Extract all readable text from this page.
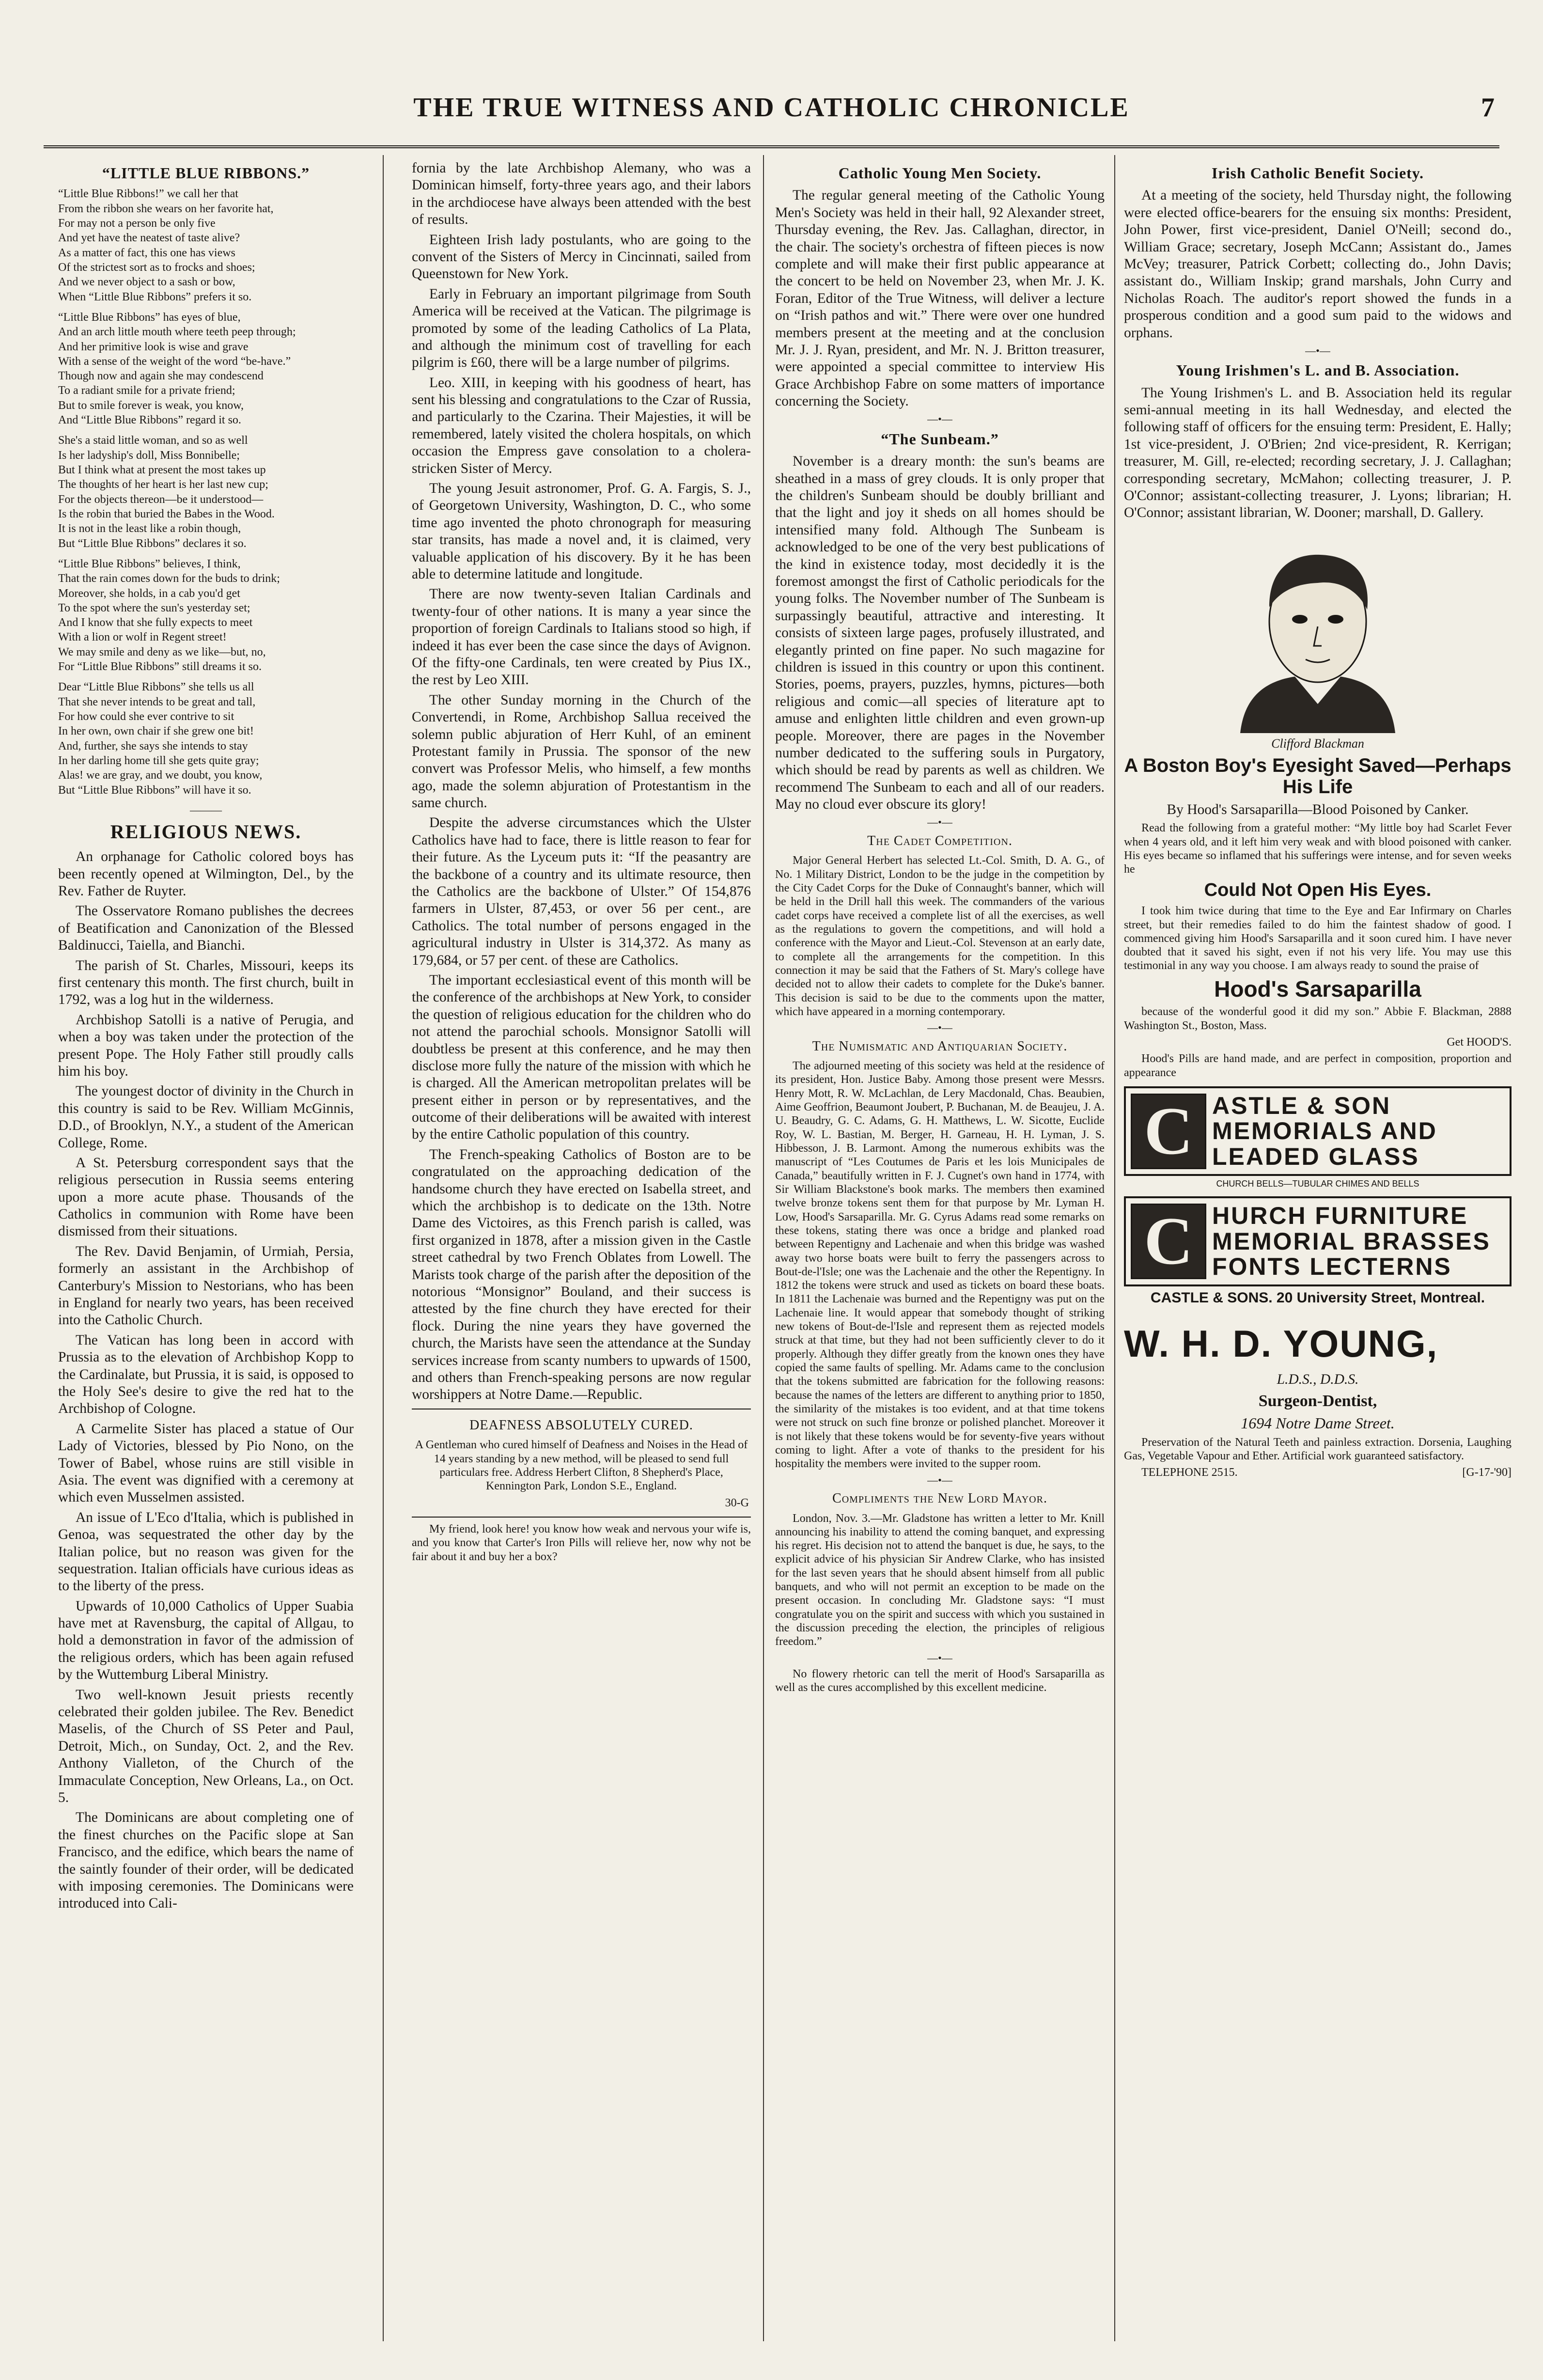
THE TRUE WITNESS AND CATHOLIC CHRONICLE	7
“LITTLE BLUE RIBBONS.”

“Little Blue Ribbons!” we call her that

From the ribbon she wears on her favorite hat,

For may not a person be only five

And yet have the neatest of taste alive?

As a matter of fact, this one has views

Of the strictest sort as to frocks and shoes;

And we never object to a sash or bow,

When “Little Blue Ribbons” prefers it so.

“Little Blue Ribbons” has eyes of blue,

And an arch little mouth where teeth peep through;

And her primitive look is wise and grave

With a sense of the weight of the word “be-have.”

Though now and again she may condescend

To a radiant smile for a private friend;

But to smile forever is weak, you know,

And “Little Blue Ribbons” regard it so.

She's a staid little woman, and so as well

Is her ladyship's doll, Miss Bonnibelle;

But I think what at present the most takes up

The thoughts of her heart is her last new cup;

For the objects thereon—be it understood—

Is the robin that buried the Babes in the Wood.

It is not in the least like a robin though,

But “Little Blue Ribbons” declares it so.

“Little Blue Ribbons” believes, I think,

That the rain comes down for the buds to drink;

Moreover, she holds, in a cab you'd get

To the spot where the sun's yesterday set;

And I know that she fully expects to meet

With a lion or wolf in Regent street!

We may smile and deny as we like—but, no,

For “Little Blue Ribbons” still dreams it so.

Dear “Little Blue Ribbons” she tells us all

That she never intends to be great and tall,

For how could she ever contrive to sit

In her own, own chair if she grew one bit!

And, further, she says she intends to stay

In her darling home till she gets quite gray;

Alas! we are gray, and we doubt, you know,

But “Little Blue Ribbons” will have it so.

———
RELIGIOUS NEWS.

An orphanage for Catholic colored boys has been recently opened at Wilmington, Del., by the Rev. Father de Ruyter.

The Osservatore Romano publishes the decrees of Beatification and Canonization of the Blessed Baldinucci, Taiella, and Bianchi.

The parish of St. Charles, Missouri, keeps its first centenary this month. The first church, built in 1792, was a log hut in the wilderness.

Archbishop Satolli is a native of Perugia, and when a boy was taken under the protection of the present Pope. The Holy Father still proudly calls him his boy.

The youngest doctor of divinity in the Church in this country is said to be Rev. William McGinnis, D.D., of Brooklyn, N.Y., a student of the American College, Rome.

A St. Petersburg correspondent says that the religious persecution in Russia seems entering upon a more acute phase. Thousands of the Catholics in communion with Rome have been dismissed from their situations.

The Rev. David Benjamin, of Urmiah, Persia, formerly an assistant in the Archbishop of Canterbury's Mission to Nestorians, who has been in England for nearly two years, has been received into the Catholic Church.

The Vatican has long been in accord with Prussia as to the elevation of Archbishop Kopp to the Cardinalate, but Prussia, it is said, is opposed to the Holy See's desire to give the red hat to the Archbishop of Cologne.

A Carmelite Sister has placed a statue of Our Lady of Victories, blessed by Pio Nono, on the Tower of Babel, whose ruins are still visible in Asia. The event was dignified with a ceremony at which even Musselmen assisted.

An issue of L'Eco d'Italia, which is published in Genoa, was sequestrated the other day by the Italian police, but no reason was given for the sequestration. Italian officials have curious ideas as to the liberty of the press.

Upwards of 10,000 Catholics of Upper Suabia have met at Ravensburg, the capital of Allgau, to hold a demonstration in favor of the admission of the religious orders, which has been again refused by the Wuttemburg Liberal Ministry.

Two well-known Jesuit priests recently celebrated their golden jubilee. The Rev. Benedict Maselis, of the Church of SS Peter and Paul, Detroit, Mich., on Sunday, Oct. 2, and the Rev. Anthony Vialleton, of the Church of the Immaculate Conception, New Orleans, La., on Oct. 5.

The Dominicans are about completing one of the finest churches on the Pacific slope at San Francisco, and the edifice, which bears the name of the saintly founder of their order, will be dedicated with imposing ceremonies. The Dominicans were introduced into Cali-

fornia by the late Archbishop Alemany, who was a Dominican himself, forty-three years ago, and their labors in the archdiocese have always been attended with the best of results.

Eighteen Irish lady postulants, who are going to the convent of the Sisters of Mercy in Cincinnati, sailed from Queenstown for New York.

Early in February an important pilgrimage from South America will be received at the Vatican. The pilgrimage is promoted by some of the leading Catholics of La Plata, and although the minimum cost of travelling for each pilgrim is £60, there will be a large number of pilgrims.

Leo. XIII, in keeping with his goodness of heart, has sent his blessing and congratulations to the Czar of Russia, and particularly to the Czarina. Their Majesties, it will be remembered, lately visited the cholera hospitals, on which occasion the Empress gave consolation to a cholera-stricken Sister of Mercy.

The young Jesuit astronomer, Prof. G. A. Fargis, S. J., of Georgetown University, Washington, D. C., who some time ago invented the photo chronograph for measuring star transits, has made a novel and, it is claimed, very valuable application of his discovery. By it he has been able to determine latitude and longitude.

There are now twenty-seven Italian Cardinals and twenty-four of other nations. It is many a year since the proportion of foreign Cardinals to Italians stood so high, if indeed it has ever been the case since the days of Avignon. Of the fifty-one Cardinals, ten were created by Pius IX., the rest by Leo XIII.

The other Sunday morning in the Church of the Convertendi, in Rome, Archbishop Sallua received the solemn public abjuration of Herr Kuhl, of an eminent Protestant family in Prussia. The sponsor of the new convert was Professor Melis, who himself, a few months ago, made the solemn abjuration of Protestantism in the same church.

Despite the adverse circumstances which the Ulster Catholics have had to face, there is little reason to fear for their future. As the Lyceum puts it: “If the peasantry are the backbone of a country and its ultimate resource, then the Catholics are the backbone of Ulster.” Of 154,876 farmers in Ulster, 87,453, or over 56 per cent., are Catholics. The total number of persons engaged in the agricultural industry in Ulster is 314,372. As many as 179,684, or 57 per cent. of these are Catholics.

The important ecclesiastical event of this month will be the conference of the archbishops at New York, to consider the question of religious education for the children who do not attend the parochial schools. Monsignor Satolli will doubtless be present at this conference, and he may then disclose more fully the nature of the mission with which he is charged. All the American metropolitan prelates will be present either in person or by representatives, and the outcome of their deliberations will be awaited with interest by the entire Catholic population of this country.

The French-speaking Catholics of Boston are to be congratulated on the approaching dedication of the handsome church they have erected on Isabella street, and which the archbishop is to dedicate on the 13th. Notre Dame des Victoires, as this French parish is called, was first organized in 1878, after a mission given in the Castle street cathedral by two French Oblates from Lowell. The Marists took charge of the parish after the deposition of the notorious “Monsignor” Bouland, and their success is attested by the fine church they have erected for their flock. During the nine years they have governed the church, the Marists have seen the attendance at the Sunday services increase from scanty numbers to upwards of 1500, and others than French-speaking persons are now regular worshippers at Notre Dame.—Republic.

DEAFNESS ABSOLUTELY CURED.

A Gentleman who cured himself of Deafness and Noises in the Head of 14 years standing by a new method, will be pleased to send full particulars free. Address Herbert Clifton, 8 Shepherd's Place, Kennington Park, London S.E., England.

30-G

My friend, look here! you know how weak and nervous your wife is, and you know that Carter's Iron Pills will relieve her, now why not be fair about it and buy her a box?

Catholic Young Men Society.

The regular general meeting of the Catholic Young Men's Society was held in their hall, 92 Alexander street, Thursday evening, the Rev. Jas. Callaghan, director, in the chair. The society's orchestra of fifteen pieces is now complete and will make their first public appearance at the concert to be held on November 23, when Mr. J. K. Foran, Editor of the True Witness, will deliver a lecture on “Irish pathos and wit.” There were over one hundred members present at the meeting and at the conclusion Mr. J. J. Ryan, president, and Mr. N. J. Britton treasurer, were appointed a special committee to interview His Grace Archbishop Fabre on some matters of importance concerning the Society.

—•—
“The Sunbeam.”

November is a dreary month: the sun's beams are sheathed in a mass of grey clouds. It is only proper that the children's Sunbeam should be doubly brilliant and that the light and joy it sheds on all homes should be intensified many fold. Although The Sunbeam is acknowledged to be one of the very best publications of the kind in existence today, most decidedly it is the foremost amongst the first of Catholic periodicals for the young folks. The November number of The Sunbeam is surpassingly beautiful, attractive and interesting. It consists of sixteen large pages, profusely illustrated, and elegantly printed on fine paper. No such magazine for children is issued in this country or upon this continent. Stories, poems, prayers, puzzles, hymns, pictures—both religious and comic—all species of literature apt to amuse and enlighten little children and even grown-up people. Moreover, there are pages in the November number dedicated to the suffering souls in Purgatory, which should be read by parents as well as children. We recommend The Sunbeam to each and all of our readers. May no cloud ever obscure its glory!

—•—
The Cadet Competition.

Major General Herbert has selected Lt.-Col. Smith, D. A. G., of No. 1 Military District, London to be the judge in the competition by the City Cadet Corps for the Duke of Connaught's banner, which will be held in the Drill hall this week. The commanders of the various cadet corps have received a complete list of all the exercises, as well as the regulations to govern the competitions, and will hold a conference with the Mayor and Lieut.-Col. Stevenson at an early date, to complete all the arrangements for the competition. In this connection it may be said that the Fathers of St. Mary's college have decided not to allow their cadets to complete for the Duke's banner. This decision is said to be due to the comments upon the matter, which have appeared in a morning contemporary.

—•—
The Numismatic and Antiquarian Society.

The adjourned meeting of this society was held at the residence of its president, Hon. Justice Baby. Among those present were Messrs. Henry Mott, R. W. McLachlan, de Lery Macdonald, Chas. Beaubien, Aime Geoffrion, Beaumont Joubert, P. Buchanan, M. de Beaujeu, J. A. U. Beaudry, G. C. Adams, G. H. Matthews, L. W. Sicotte, Euclide Roy, W. L. Bastian, M. Berger, H. Garneau, H. H. Lyman, J. S. Hibbesson, J. B. Larmont. Among the numerous exhibits was the manuscript of “Les Coutumes de Paris et les lois Municipales de Canada,” beautifully written in F. J. Cugnet's own hand in 1774, with Sir William Blackstone's book marks. The members then examined twelve bronze tokens sent them for that purpose by Mr. Lyman H. Low, Hood's Sarsaparilla. Mr. G. Cyrus Adams read some remarks on these tokens, stating there was once a bridge and planked road between Repentigny and Lachenaie and when this bridge was washed away two horse boats were built to ferry the passengers across to Bout-de-l'Isle; one was the Lachenaie and the other the Repentigny. In 1812 the tokens were struck and used as tickets on board these boats. In 1811 the Lachenaie was burned and the Repentigny was put on the Lachenaie line. It would appear that somebody thought of striking new tokens of Bout-de-l'Isle and represent them as rejected models struck at that time, but they had not been sufficiently clever to do it properly. Although they differ greatly from the known ones they have copied the same faults of spelling. Mr. Adams came to the conclusion that the tokens submitted are fabrication for the following reasons: because the names of the letters are different to anything prior to 1850, the similarity of the mistakes is too evident, and at that time tokens were not struck on such fine bronze or polished planchet. Moreover it is not likely that these tokens would be for seventy-five years without coming to light. After a vote of thanks to the president for his hospitality the members were invited to the supper room.

—•—
Compliments the New Lord Mayor.

London, Nov. 3.—Mr. Gladstone has written a letter to Mr. Knill announcing his inability to attend the coming banquet, and expressing his regret. His decision not to attend the banquet is due, he says, to the explicit advice of his physician Sir Andrew Clarke, who has insisted for the last seven years that he should absent himself from all public banquets, and who will not permit an exception to be made on the present occasion. In concluding Mr. Gladstone says: “I must congratulate you on the spirit and success with which you sustained in the discussion preceding the election, the principles of religious freedom.”

—•—

No flowery rhetoric can tell the merit of Hood's Sarsaparilla as well as the cures accomplished by this excellent medicine.

Irish Catholic Benefit Society.

At a meeting of the society, held Thursday night, the following were elected office-bearers for the ensuing six months: President, John Power, first vice-president, Daniel O'Neill; second do., William Grace; secretary, Joseph McCann; Assistant do., James McVey; treasurer, Patrick Corbett; collecting do., John Davis; assistant do., William Inskip; grand marshals, John Curry and Nicholas Roach. The auditor's report showed the funds in a prosperous condition and a good sum paid to the widows and orphans.

—•—
Young Irishmen's L. and B. Association.

The Young Irishmen's L. and B. Association held its regular semi-annual meeting in its hall Wednesday, and elected the following staff of officers for the ensuing term: President, E. Hally; 1st vice-president, J. O'Brien; 2nd vice-president, R. Kerrigan; treasurer, M. Gill, re-elected; recording secretary, J. J. Callaghan; corresponding secretary, McMahon; collecting treasurer, J. P. O'Connor; assistant-collecting treasurer, J. Lyons; librarian; H. O'Connor; assistant librarian, W. Dooner; marshall, D. Gallery.

Clifford Blackman
A Boston Boy's Eyesight Saved—Perhaps His Life

By Hood's Sarsaparilla—Blood Poisoned by Canker.

Read the following from a grateful mother: “My little boy had Scarlet Fever when 4 years old, and it left him very weak and with blood poisoned with canker. His eyes became so inflamed that his sufferings were intense, and for seven weeks he

Could Not Open His Eyes.

I took him twice during that time to the Eye and Ear Infirmary on Charles street, but their remedies failed to do him the faintest shadow of good. I commenced giving him Hood's Sarsaparilla and it soon cured him. I have never doubted that it saved his sight, even if not his very life. You may use this testimonial in any way you choose. I am always ready to sound the praise of

Hood's Sarsaparilla

because of the wonderful good it did my son.” Abbie F. Blackman, 2888 Washington St., Boston, Mass.

Get HOOD'S.

Hood's Pills are hand made, and are perfect in composition, proportion and appearance

C ASTLE & SON
MEMORIALS AND
LEADED GLASS
CHURCH BELLS—TUBULAR CHIMES AND BELLS
C HURCH FURNITURE
MEMORIAL BRASSES
FONTS LECTERNS

CASTLE & SONS. 20 University Street, Montreal.

W. H. D. YOUNG,

L.D.S., D.D.S.

Surgeon-Dentist,

1694 Notre Dame Street.

Preservation of the Natural Teeth and painless extraction. Dorsenia, Laughing Gas, Vegetable Vapour and Ether. Artificial work guaranteed satisfactory.

TELEPHONE 2515.	[G-17-'90]
